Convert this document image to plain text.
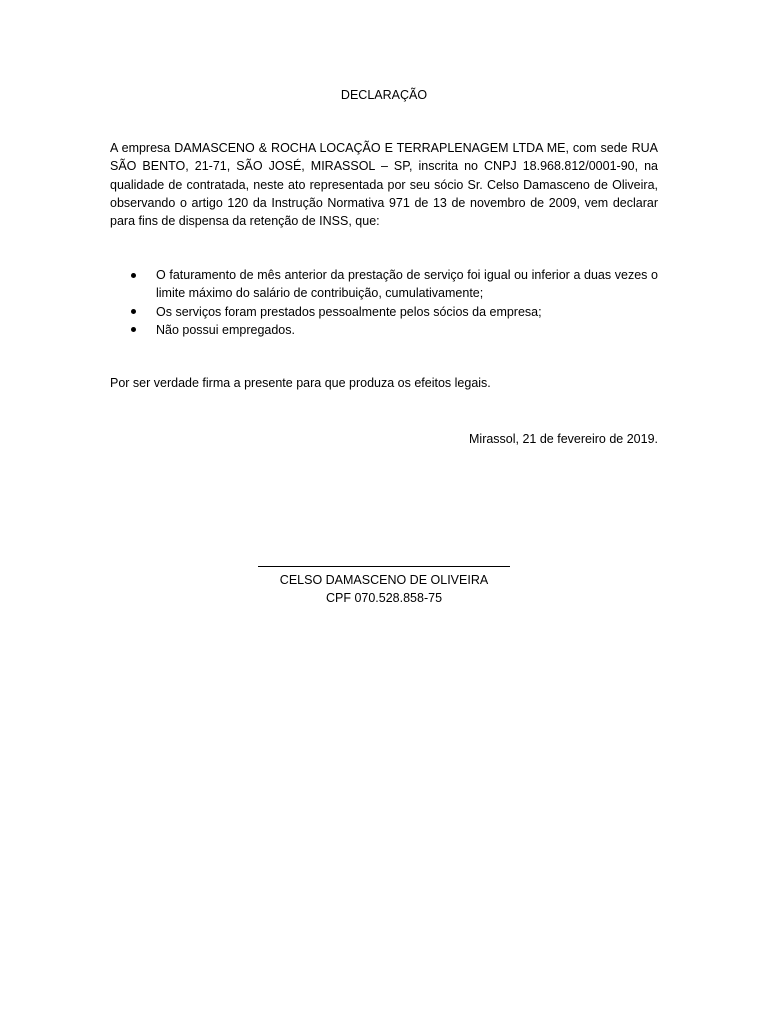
DECLARAÇÃO
A empresa DAMASCENO & ROCHA LOCAÇÃO E TERRAPLENAGEM LTDA ME, com sede RUA SÃO BENTO, 21-71, SÃO JOSÉ, MIRASSOL – SP, inscrita no CNPJ 18.968.812/0001-90, na qualidade de contratada, neste ato representada por seu sócio Sr. Celso Damasceno de Oliveira, observando o artigo 120 da Instrução Normativa 971 de 13 de novembro de 2009, vem declarar para fins de dispensa da retenção de INSS, que:
O faturamento de mês anterior da prestação de serviço foi igual ou inferior a duas vezes o limite máximo do salário de contribuição, cumulativamente;
Os serviços foram prestados pessoalmente pelos sócios da empresa;
Não possui empregados.
Por ser verdade firma a presente para que produza os efeitos legais.
Mirassol, 21 de fevereiro de 2019.
CELSO DAMASCENO DE OLIVEIRA
CPF 070.528.858-75
